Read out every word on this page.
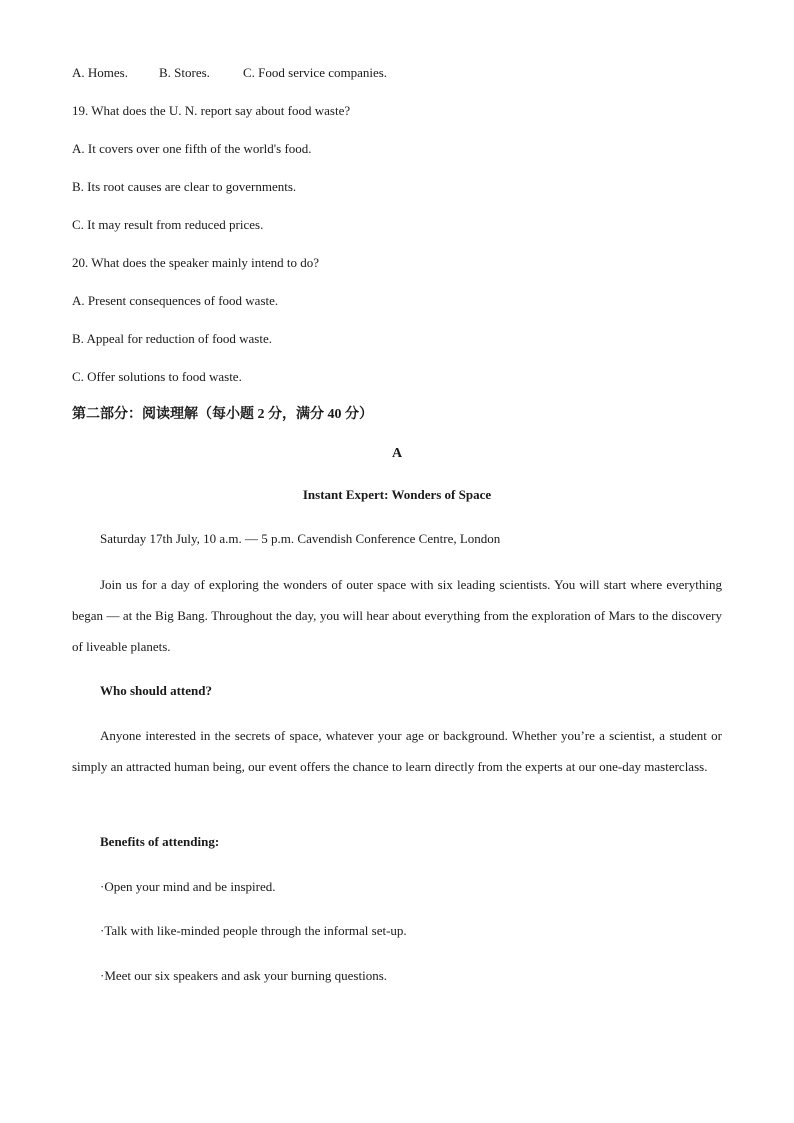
A. Homes. B. Stores.	C. Food service companies.
19. What does the U. N. report say about food waste?
A. It covers over one fifth of the world's food.
B. Its root causes are clear to governments.
C. It may result from reduced prices.
20. What does the speaker mainly intend to do?
A. Present consequences of food waste.
B. Appeal for reduction of food waste.
C. Offer solutions to food waste.
第二部分：阅读理解（每小题 2 分，满分 40 分）
A
Instant Expert: Wonders of Space
Saturday 17th July, 10 a.m. — 5 p.m. Cavendish Conference Centre, London
Join us for a day of exploring the wonders of outer space with six leading scientists. You will start where everything began — at the Big Bang. Throughout the day, you will hear about everything from the exploration of Mars to the discovery of liveable planets.
Who should attend?
Anyone interested in the secrets of space, whatever your age or background. Whether you’re a scientist, a student or simply an attracted human being, our event offers the chance to learn directly from the experts at our one-day masterclass.
Benefits of attending:
·Open your mind and be inspired.
·Talk with like-minded people through the informal set-up.
·Meet our six speakers and ask your burning questions.
